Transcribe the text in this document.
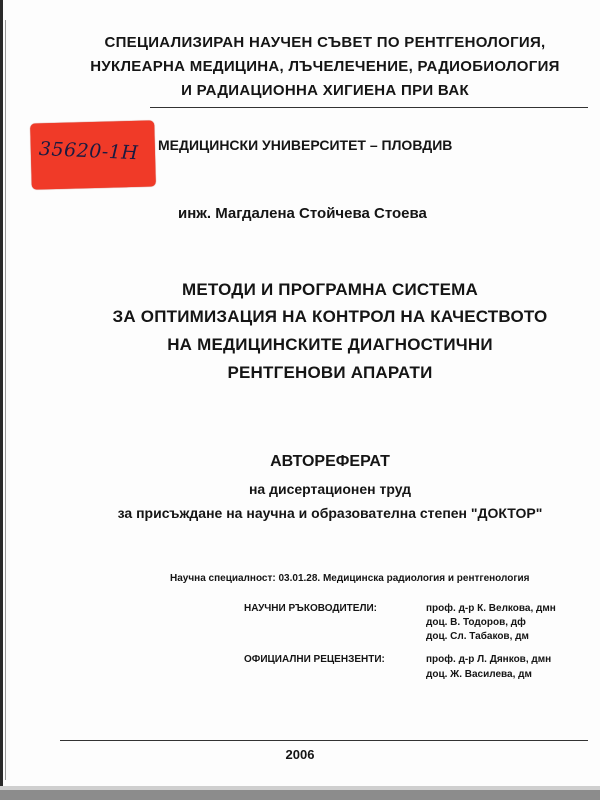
СПЕЦИАЛИЗИРАН НАУЧЕН СЪВЕТ ПО РЕНТГЕНОЛОГИЯ,
НУКЛЕАРНА МЕДИЦИНА, ЛЪЧЕЛЕЧЕНИЕ, РАДИОБИОЛОГИЯ
И РАДИАЦИОННА ХИГИЕНА ПРИ ВАК
35620-1Н МЕДИЦИНСКИ УНИВЕРСИТЕТ – ПЛОВДИВ
инж. Магдалена Стойчева Стоева
МЕТОДИ И ПРОГРАМНА СИСТЕМА
ЗА ОПТИМИЗАЦИЯ НА КОНТРОЛ НА КАЧЕСТВОТО
НА МЕДИЦИНСКИТЕ ДИАГНОСТИЧНИ
РЕНТГЕНОВИ АПАРАТИ
АВТОРЕФЕРАТ
на дисертационен труд
за присъждане на научна и образователна степен "ДОКТОР"
Научна специалност: 03.01.28. Медицинска радиология и рентгенология
НАУЧНИ РЪКОВОДИТЕЛИ:	проф. д-р К. Велкова, дмн
доц. В. Тодоров, дф
доц. Сл. Табаков, дм
ОФИЦИАЛНИ РЕЦЕНЗЕНТИ:	проф. д-р Л. Дянков, дмн
доц. Ж. Василева, дм
2006
